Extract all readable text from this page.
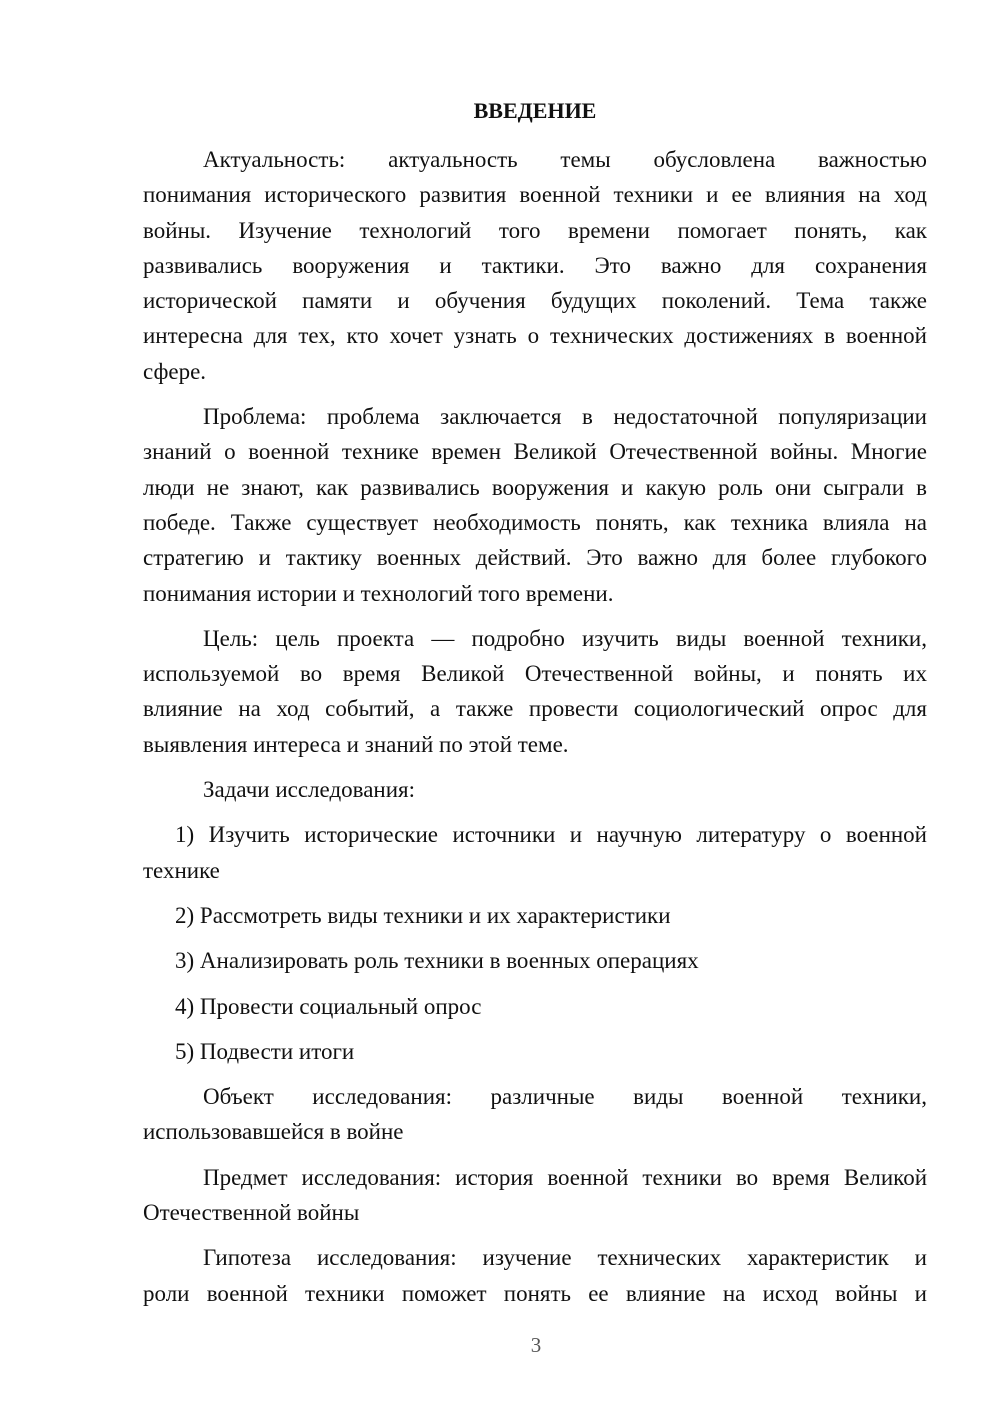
ВВЕДЕНИЕ
Актуальность: актуальность темы обусловлена важностью
понимания исторического развития военной техники и ее влияния на ход
войны. Изучение технологий того времени помогает понять, как
развивались вооружения и тактики. Это важно для сохранения
исторической памяти и обучения будущих поколений. Тема также
интересна для тех, кто хочет узнать о технических достижениях в военной
сфере.
Проблема: проблема заключается в недостаточной популяризации
знаний о военной технике времен Великой Отечественной войны. Многие
люди не знают, как развивались вооружения и какую роль они сыграли в
победе. Также существует необходимость понять, как техника влияла на
стратегию и тактику военных действий. Это важно для более глубокого
понимания истории и технологий того времени.
Цель: цель проекта — подробно изучить виды военной техники,
используемой во время Великой Отечественной войны, и понять их
влияние на ход событий, а также провести социологический опрос для
выявления интереса и знаний по этой теме.
Задачи исследования:
1) Изучить исторические источники и научную литературу о военной
технике
2) Рассмотреть виды техники и их характеристики
3) Анализировать роль техники в военных операциях
4) Провести социальный опрос
5) Подвести итоги
Объект исследования: различные виды военной техники,
использовавшейся в войне
Предмет исследования: история военной техники во время Великой
Отечественной войны
Гипотеза исследования: изучение технических характеристик и
роли военной техники поможет понять ее влияние на исход войны и
3
